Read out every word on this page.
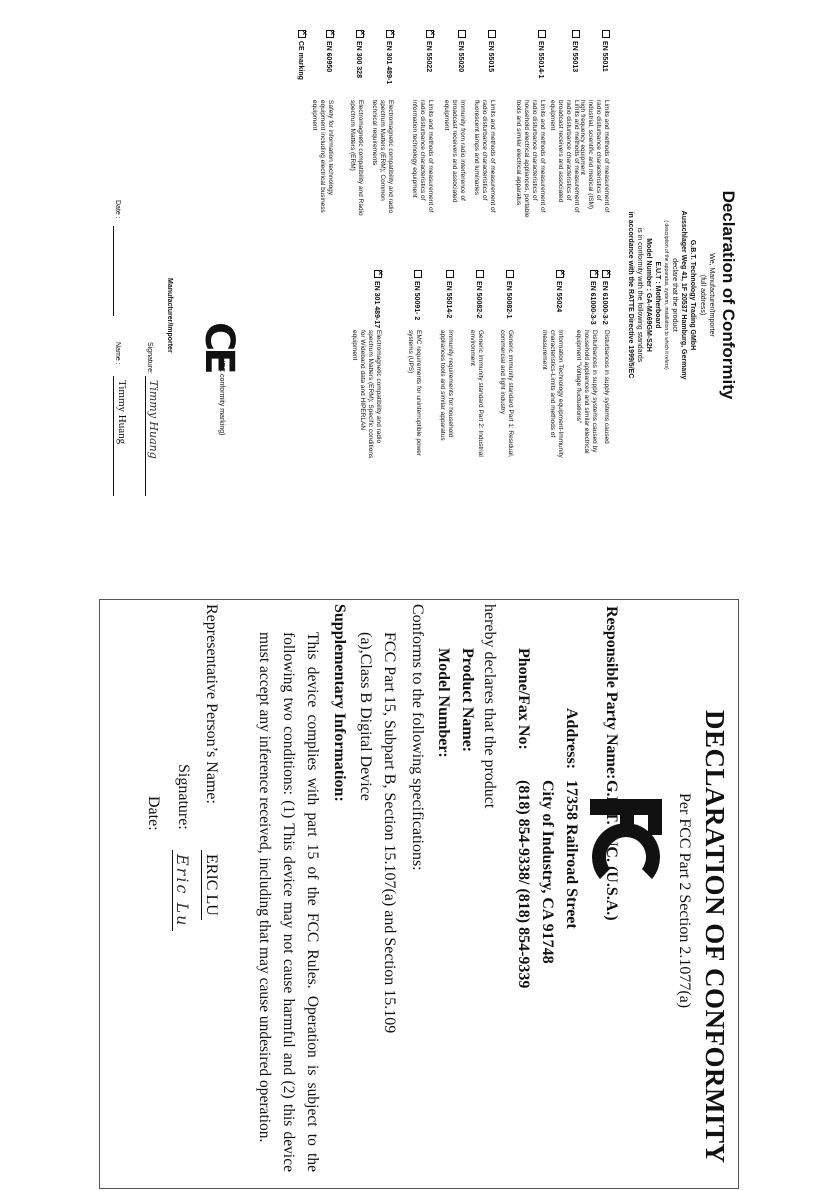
Declaration of Conformity
We, Manufacturer/Importer
(full address)
G.B.T. Technology Trading GMbH
Ausschlager Weg 41, 1F 20537 Hamburg, Germany
declare that the product
( description of the apparatus, system, installation to which it refers)
E.U.T : Motherboard
Model Number : GA-MA69GM-S2H
is in conformity with the following standards
in accordance with the RATTE Directive 1999/5/EC
EN 55011
Limits and methods of measurement of radio disturbance characteristics of industrial, scientific and medical (ISM) high frequency equipment
EN 55013
Limits and methods of measurement of radio disturbance characteristics of broadcast receivers and associated equipment
EN 55014-1
Limits and methods of measurement of radio disturbance characteristics of household electrical appliances, portable tools and similar electrical apparatus
EN 55015
Limits and methods of measurement of radio disturbance characteristics of fluorescent lamps and luminaries
EN 55020
Immunity from radio interference of broadcast receivers and associated equipment
×EN 55022
Limits and methods of measurement of radio disturbance characteristics of information technology equipment
×EN 301 489-1
Electromagnetic compatibility and radio spectrum Matters (ERM); Common technical requirements
×EN 300 328
Electromagnetic compatibility and Radio spectrum Matters (ERM)
×EN 60950
Safety for information technology equipment including electrical business equipment
×CE marking
×EN 61000-3-2
Disturbances in supply systems caused
×EN 61000-3-3
Disturbances in supply systems caused by household appliances and similar electrical equipment "Voltage fluctuations"
×EN 55024
Information Technology equipment-Immunity characteristics-Limits and methods of measurement
EN 50082-1
Generic immunity standard Part 1: Residual, commercial and light industry
EN 50082-2
Generic immunity standard Part 2: Industrial environment
EN 55014-2
Immunity requirements for household appliances tools and similar apparatus
EN 50091- 2
EMC requirements for uninterruptible power systems (UPS)
×EN 301 489-17
Electromagnetic compatibility and radio spectrum Matters (ERM); Specific conditions for Wideband data and HIPERLAN equipment
CE
(EC conformity marking)
Manufacturer/Importer
Signature:
Timmy Huang
Date :
Name :
Timmy Huang
DECLARATION OF CONFORMITY
Per FCC Part 2 Section 2.1077(a)
Responsible Party Name:
G.B.T. INC. (U.S.A.)
Address:
17358 Railroad Street
City of Industry, CA 91748
Phone/Fax No:
(818) 854-9338/ (818) 854-9339
hereby declares that the product
Product Name:
Model Number:
Conforms to the following specifications:
FCC Part 15, Subpart B, Section 15.107(a) and Section 15.109
(a),Class B Digital Device
Supplementary Information:
This device complies with part 15 of the FCC Rules. Operation is subject to the following two conditions: (1) This device may not cause harmful and (2) this device must accept any inference received, including that may cause undesired operation.
Representative Person’s Name:
ERIC LU
Signature:
Eric Lu
Date:
